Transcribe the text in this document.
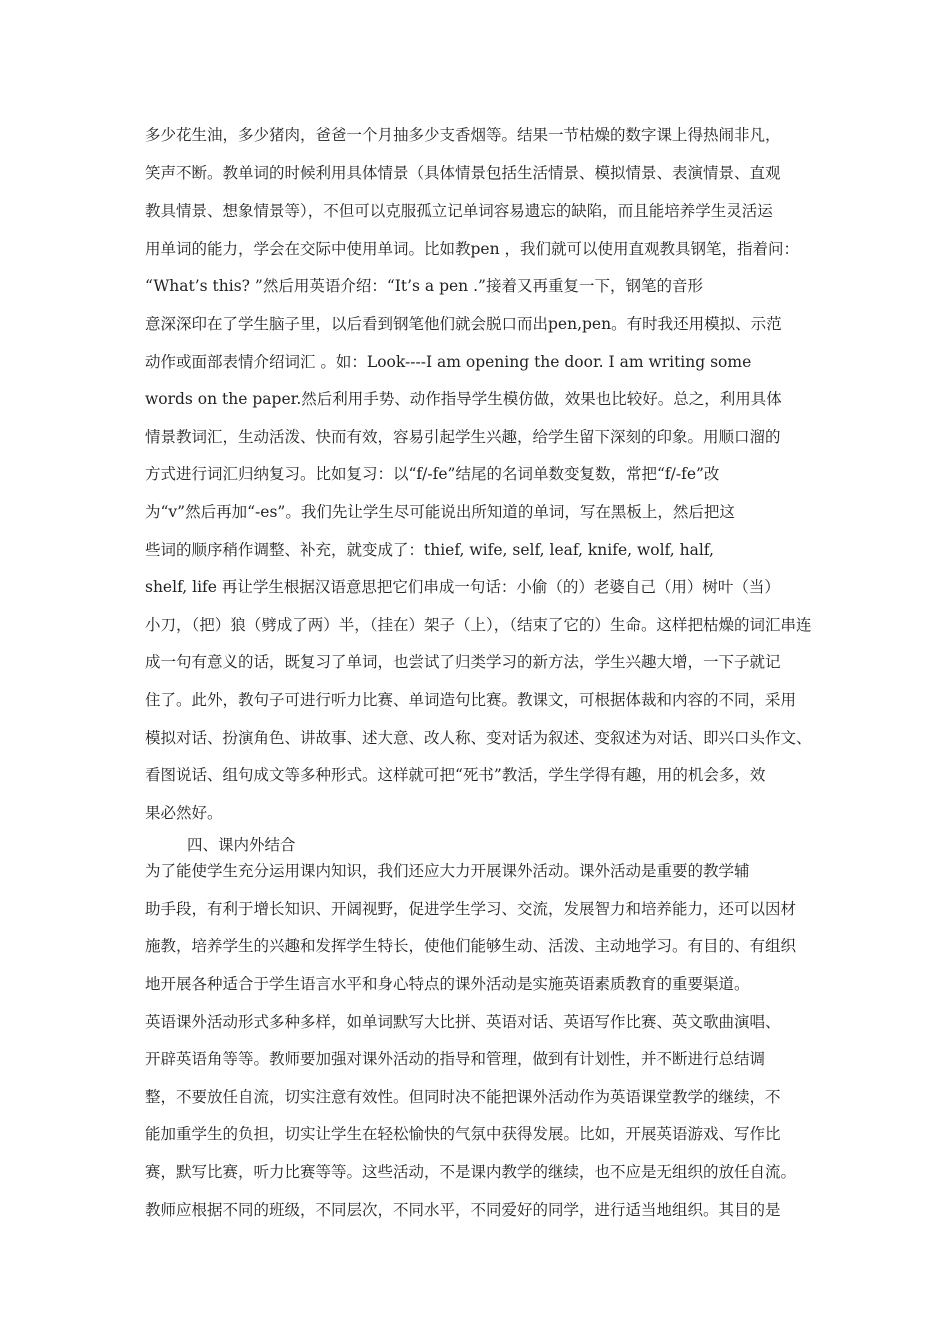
多少花生油，多少猪肉，爸爸一个月抽多少支香烟等。结果一节枯燥的数字课上得热闹非凡，
笑声不断。教单词的时候利用具体情景（具体情景包括生活情景、模拟情景、表演情景、直观
教具情景、想象情景等），不但可以克服孤立记单词容易遗忘的缺陷，而且能培养学生灵活运
用单词的能力，学会在交际中使用单词。比如教pen ，我们就可以使用直观教具钢笔，指着问：
“What’s this? ”然后用英语介绍：“It’s a pen .”接着又再重复一下，钢笔的音形
意深深印在了学生脑子里，以后看到钢笔他们就会脱口而出pen,pen。有时我还用模拟、示范
动作或面部表情介绍词汇 。如：Look----I am opening the door. I am writing some
words on the paper.然后利用手势、动作指导学生模仿做，效果也比较好。总之，利用具体
情景教词汇，生动活泼、快而有效，容易引起学生兴趣，给学生留下深刻的印象。用顺口溜的
方式进行词汇归纳复习。比如复习：以“f/-fe”结尾的名词单数变复数，常把“f/-fe”改
为“v”然后再加“-es”。我们先让学生尽可能说出所知道的单词，写在黑板上，然后把这
些词的顺序稍作调整、补充，就变成了：thief, wife, self, leaf, knife, wolf, half,
shelf, life 再让学生根据汉语意思把它们串成一句话：小偷（的）老婆自己（用）树叶（当）
小刀，（把）狼（劈成了两）半，（挂在）架子（上），（结束了它的）生命。这样把枯燥的词汇串连
成一句有意义的话，既复习了单词，也尝试了归类学习的新方法，学生兴趣大增，一下子就记
住了。此外，教句子可进行听力比赛、单词造句比赛。教课文，可根据体裁和内容的不同，采用
模拟对话、扮演角色、讲故事、述大意、改人称、变对话为叙述、变叙述为对话、即兴口头作文、
看图说话、组句成文等多种形式。这样就可把“死书”教活，学生学得有趣，用的机会多，效
果必然好。
四、课内外结合
为了能使学生充分运用课内知识，我们还应大力开展课外活动。课外活动是重要的教学辅
助手段，有利于增长知识、开阔视野，促进学生学习、交流，发展智力和培养能力，还可以因材
施教，培养学生的兴趣和发挥学生特长，使他们能够生动、活泼、主动地学习。有目的、有组织
地开展各种适合于学生语言水平和身心特点的课外活动是实施英语素质教育的重要渠道。
英语课外活动形式多种多样，如单词默写大比拼、英语对话、英语写作比赛、英文歌曲演唱、
开辟英语角等等。教师要加强对课外活动的指导和管理，做到有计划性，并不断进行总结调
整，不要放任自流，切实注意有效性。但同时决不能把课外活动作为英语课堂教学的继续，不
能加重学生的负担，切实让学生在轻松愉快的气氛中获得发展。比如，开展英语游戏、写作比
赛，默写比赛，听力比赛等等。这些活动，不是课内教学的继续，也不应是无组织的放任自流。
教师应根据不同的班级，不同层次，不同水平，不同爱好的同学，进行适当地组织。其目的是
